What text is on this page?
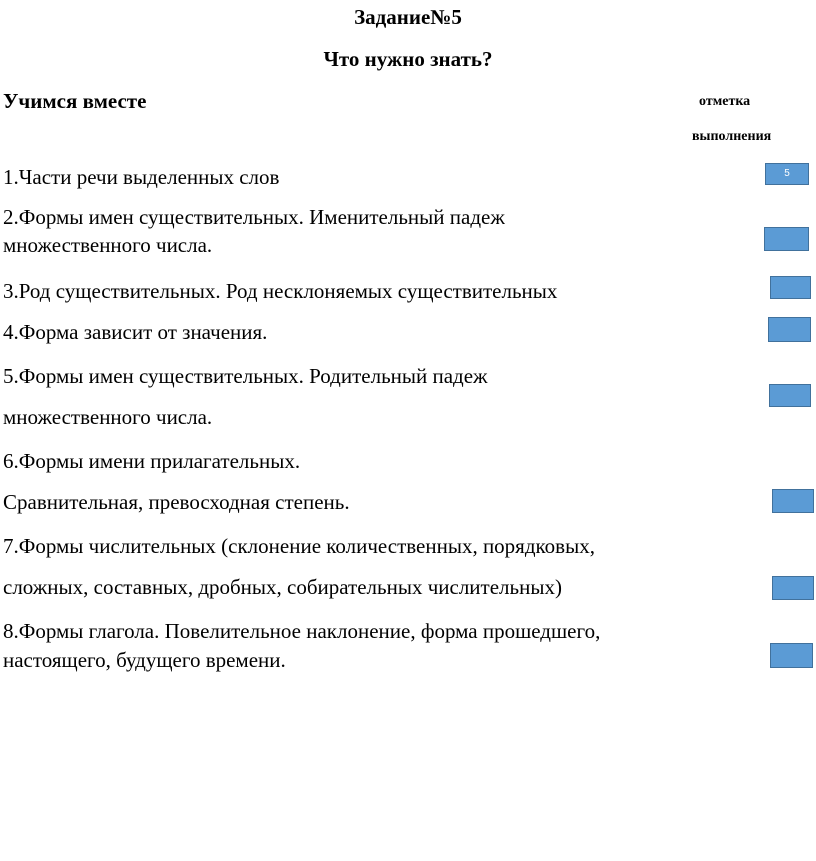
Задание№5
Что нужно знать?
Учимся вместе	отметка
выполнения
1.Части речи выделенных слов
2.Формы имен существительных. Именительный падеж
множественного числа.
3.Род существительных. Род несклоняемых существительных
4.Форма зависит от значения.
5.Формы имен существительных. Родительный падеж
множественного числа.
6.Формы имени прилагательных.
Сравнительная, превосходная степень.
7.Формы числительных (склонение количественных, порядковых,
сложных, составных, дробных, собирательных числительных)
8.Формы глагола. Повелительное наклонение, форма прошедшего,
настоящего, будущего времени.
5
